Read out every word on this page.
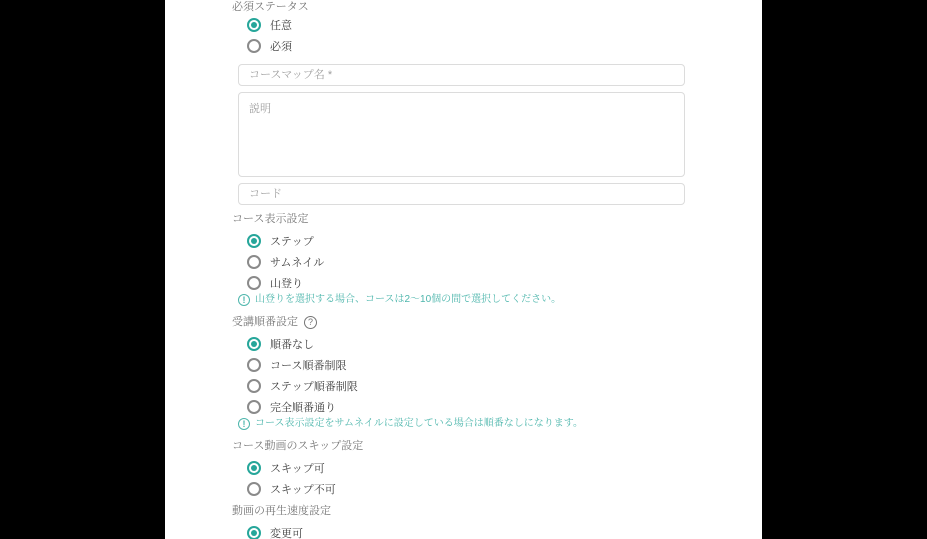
必須ステータス
任意
必須
コースマップ名 *
説明
コード
コース表示設定
ステップ
サムネイル
山登り
! 山登りを選択する場合、コースは2〜10個の間で選択してください。
受講順番設定	?
順番なし
コース順番制限
ステップ順番制限
完全順番通り
! コース表示設定をサムネイルに設定している場合は順番なしになります。
コース動画のスキップ設定
スキップ可
スキップ不可
動画の再生速度設定
変更可
